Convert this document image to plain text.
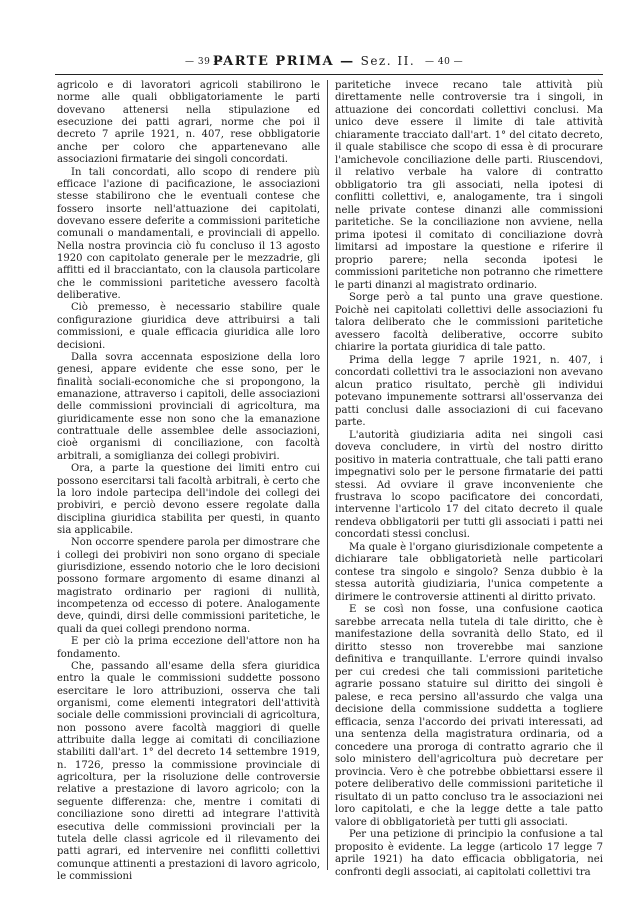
— 39 —
PARTE PRIMA — Sez. II.	— 40 —

agricolo e di lavoratori agricoli stabilirono le norme alle quali obbligatoriamente le parti dovevano attenersi nella stipulazione ed esecuzione dei patti agrari, norme che poi il decreto 7 aprile 1921, n. 407, rese obbligatorie anche per coloro che appartenevano alle associazioni firmatarie dei singoli concordati.

In tali concordati, allo scopo di rendere più efficace l'azione di pacificazione, le associazioni stesse stabilirono che le eventuali contese che fossero insorte nell'attuazione dei capitolati, dovevano essere deferite a commissioni paritetiche comunali o mandamentali, e provinciali di appello. Nella nostra provincia ciò fu concluso il 13 agosto 1920 con capitolato generale per le mezzadrie, gli affitti ed il bracciantato, con la clausola particolare che le commissioni paritetiche avessero facoltà deliberative.

Ciò premesso, è necessario stabilire quale configurazione giuridica deve attribuirsi a tali commissioni, e quale efficacia giuridica alle loro decisioni.

Dalla sovra accennata esposizione della loro genesi, appare evidente che esse sono, per le finalità sociali-economiche che si propongono, la emanazione, attraverso i capitoli, delle associazioni delle commissioni provinciali di agricoltura, ma giuridicamente esse non sono che la emanazione contrattuale delle assemblee delle associazioni, cioè organismi di conciliazione, con facoltà arbitrali, a somiglianza dei collegi probiviri.

Ora, a parte la questione dei limiti entro cui possono esercitarsi tali facoltà arbitrali, è certo che la loro indole partecipa dell'indole dei collegi dei probiviri, e perciò devono essere regolate dalla disciplina giuridica stabilita per questi, in quanto sia applicabile.

Non occorre spendere parola per dimostrare che i collegi dei probiviri non sono organo di speciale giurisdizione, essendo notorio che le loro decisioni possono formare argomento di esame dinanzi al magistrato ordinario per ragioni di nullità, incompetenza od eccesso di potere. Analogamente deve, quindi, dirsi delle commissioni paritetiche, le quali da quei collegi prendono norma.

E per ciò la prima eccezione dell'attore non ha fondamento.

Che, passando all'esame della sfera giuridica entro la quale le commissioni suddette possono esercitare le loro attribuzioni, osserva che tali organismi, come elementi integratori dell'attività sociale delle commissioni provinciali di agricoltura, non possono avere facoltà maggiori di quelle attribuite dalla legge ai comitati di conciliazione stabiliti dall'art. 1° del decreto 14 settembre 1919, n. 1726, presso la commissione provinciale di agricoltura, per la risoluzione delle controversie relative a prestazione di lavoro agricolo; con la seguente differenza: che, mentre i comitati di conciliazione sono diretti ad integrare l'attività esecutiva delle commissioni provinciali per la tutela delle classi agricole ed il rilevamento dei patti agrari, ed intervenire nei conflitti collettivi comunque attinenti a prestazioni di lavoro agricolo, le commissioni

paritetiche invece recano tale attività più direttamente nelle controversie tra i singoli, in attuazione dei concordati collettivi conclusi. Ma unico deve essere il limite di tale attività chiaramente tracciato dall'art. 1° del citato decreto, il quale stabilisce che scopo di essa è di procurare l'amichevole conciliazione delle parti. Riuscendovi, il relativo verbale ha valore di contratto obbligatorio tra gli associati, nella ipotesi di conflitti collettivi, e, analogamente, tra i singoli nelle private contese dinanzi alle commissioni paritetiche. Se la conciliazione non avviene, nella prima ipotesi il comitato di conciliazione dovrà limitarsi ad impostare la questione e riferire il proprio parere; nella seconda ipotesi le commissioni paritetiche non potranno che rimettere le parti dinanzi al magistrato ordinario.

Sorge però a tal punto una grave questione. Poichè nei capitolati collettivi delle associazioni fu talora deliberato che le commissioni paritetiche avessero facoltà deliberative, occorre subito chiarire la portata giuridica di tale patto.

Prima della legge 7 aprile 1921, n. 407, i concordati collettivi tra le associazioni non avevano alcun pratico risultato, perchè gli individui potevano impunemente sottrarsi all'osservanza dei patti conclusi dalle associazioni di cui facevano parte.

L'autorità giudiziaria adita nei singoli casi doveva concludere, in virtù del nostro diritto positivo in materia contrattuale, che tali patti erano impegnativi solo per le persone firmatarie dei patti stessi. Ad ovviare il grave inconveniente che frustrava lo scopo pacificatore dei concordati, intervenne l'articolo 17 del citato decreto il quale rendeva obbligatorii per tutti gli associati i patti nei concordati stessi conclusi.

Ma quale è l'organo giurisdizionale competente a dichiarare tale obbligatorietà nelle particolari contese tra singolo e singolo? Senza dubbio è la stessa autorità giudiziaria, l'unica competente a dirimere le controversie attinenti al diritto privato.

E se così non fosse, una confusione caotica sarebbe arrecata nella tutela di tale diritto, che è manifestazione della sovranità dello Stato, ed il diritto stesso non troverebbe mai sanzione definitiva e tranquillante. L'errore quindi invalso per cui credesi che tali commissioni paritetiche agrarie possano statuire sul diritto dei singoli è palese, e reca persino all'assurdo che valga una decisione della commissione suddetta a togliere efficacia, senza l'accordo dei privati interessati, ad una sentenza della magistratura ordinaria, od a concedere una proroga di contratto agrario che il solo ministero dell'agricoltura può decretare per provincia. Vero è che potrebbe obbiettarsi essere il potere deliberativo delle commissioni paritetiche il risultato di un patto concluso tra le associazioni nei loro capitolati, e che la legge dette a tale patto valore di obbligatorietà per tutti gli associati.

Per una petizione di principio la confusione a tal proposito è evidente. La legge (articolo 17 legge 7 aprile 1921) ha dato efficacia obbligatoria, nei confronti degli associati, ai capitolati collettivi tra
